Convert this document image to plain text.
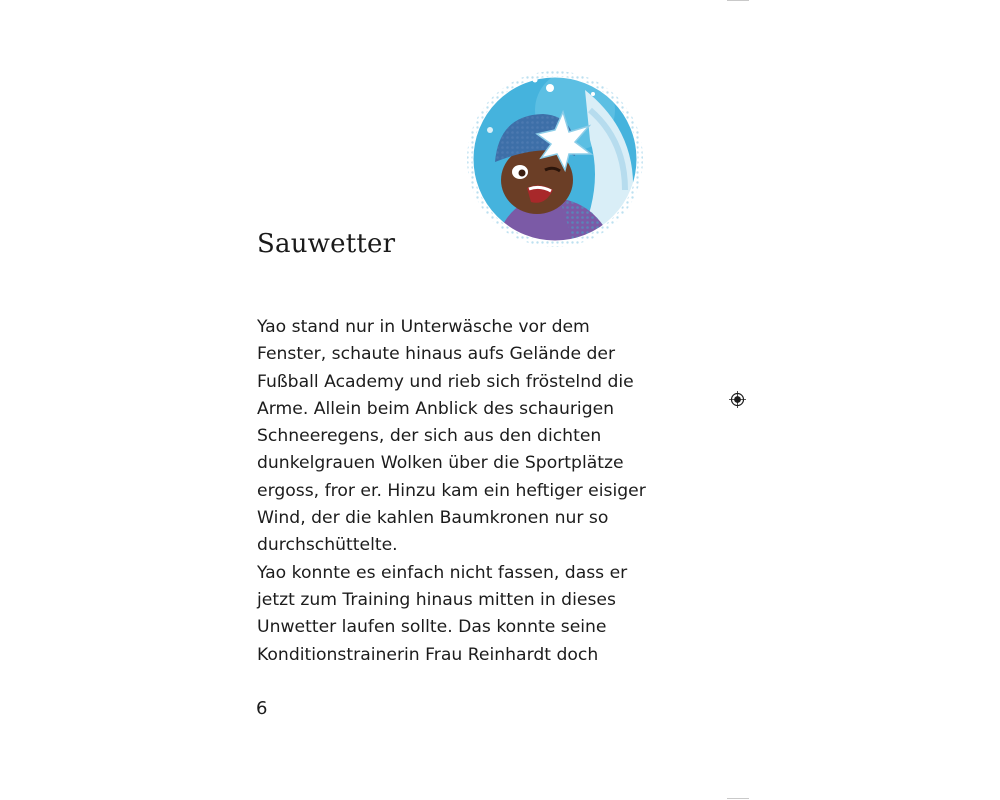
Sauwetter
Yao stand nur in Unterwäsche vor dem
Fenster, schaute hinaus aufs Gelände der
Fußball Academy und rieb sich fröstelnd die
Arme. Allein beim Anblick des schaurigen
Schneeregens, der sich aus den dichten
dunkelgrauen Wolken über die Sportplätze
ergoss, fror er. Hinzu kam ein heftiger eisiger
Wind, der die kahlen Baumkronen nur so
durchschüttelte.
Yao konnte es einfach nicht fassen, dass er
jetzt zum Training hinaus mitten in dieses
Unwetter laufen sollte. Das konnte seine
Konditionstrainerin Frau Reinhardt doch
6
